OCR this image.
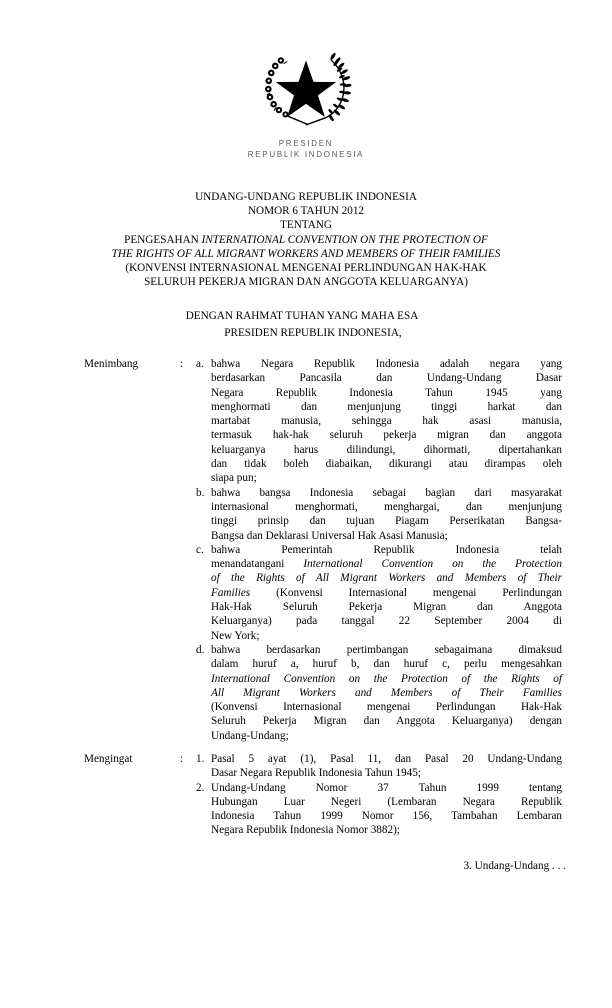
PRESIDEN
REPUBLIK INDONESIA
UNDANG-UNDANG REPUBLIK INDONESIA
NOMOR 6 TAHUN 2012
TENTANG
PENGESAHAN INTERNATIONAL CONVENTION ON THE PROTECTION OF
THE RIGHTS OF ALL MIGRANT WORKERS AND MEMBERS OF THEIR FAMILIES
(KONVENSI INTERNASIONAL MENGENAI PERLINDUNGAN HAK-HAK
SELURUH PEKERJA MIGRAN DAN ANGGOTA KELUARGANYA)
DENGAN RAHMAT TUHAN YANG MAHA ESA
PRESIDEN REPUBLIK INDONESIA,
Menimbang	:	a. bahwa Negara Republik Indonesia adalah negara yang
berdasarkan Pancasila dan Undang-Undang Dasar
Negara Republik Indonesia Tahun 1945 yang
menghormati dan menjunjung tinggi harkat dan
martabat manusia, sehingga hak asasi manusia,
termasuk hak-hak seluruh pekerja migran dan anggota
keluarganya harus dilindungi, dihormati, dipertahankan
dan tidak boleh diabaikan, dikurangi atau dirampas oleh
siapa pun;
b. bahwa bangsa Indonesia sebagai bagian dari masyarakat
internasional menghormati, menghargai, dan menjunjung
tinggi prinsip dan tujuan Piagam Perserikatan Bangsa-
Bangsa dan Deklarasi Universal Hak Asasi Manusia;
c. bahwa Pemerintah Republik Indonesia telah
menandatangani International Convention on the Protection
of the Rights of All Migrant Workers and Members of Their
Families (Konvensi Internasional mengenai Perlindungan
Hak-Hak Seluruh Pekerja Migran dan Anggota
Keluarganya) pada tanggal 22 September 2004 di
New York;
d. bahwa berdasarkan pertimbangan sebagaimana dimaksud
dalam huruf a, huruf b, dan huruf c, perlu mengesahkan
International Convention on the Protection of the Rights of
All Migrant Workers and Members of Their Families
(Konvensi Internasional mengenai Perlindungan Hak-Hak
Seluruh Pekerja Migran dan Anggota Keluarganya) dengan
Undang-Undang;
Mengingat	:	1. Pasal 5 ayat (1), Pasal 11, dan Pasal 20 Undang-Undang
Dasar Negara Republik Indonesia Tahun 1945;
2. Undang-Undang Nomor 37 Tahun 1999 tentang
Hubungan Luar Negeri (Lembaran Negara Republik
Indonesia Tahun 1999 Nomor 156, Tambahan Lembaran
Negara Republik Indonesia Nomor 3882);
3. Undang-Undang . . .
